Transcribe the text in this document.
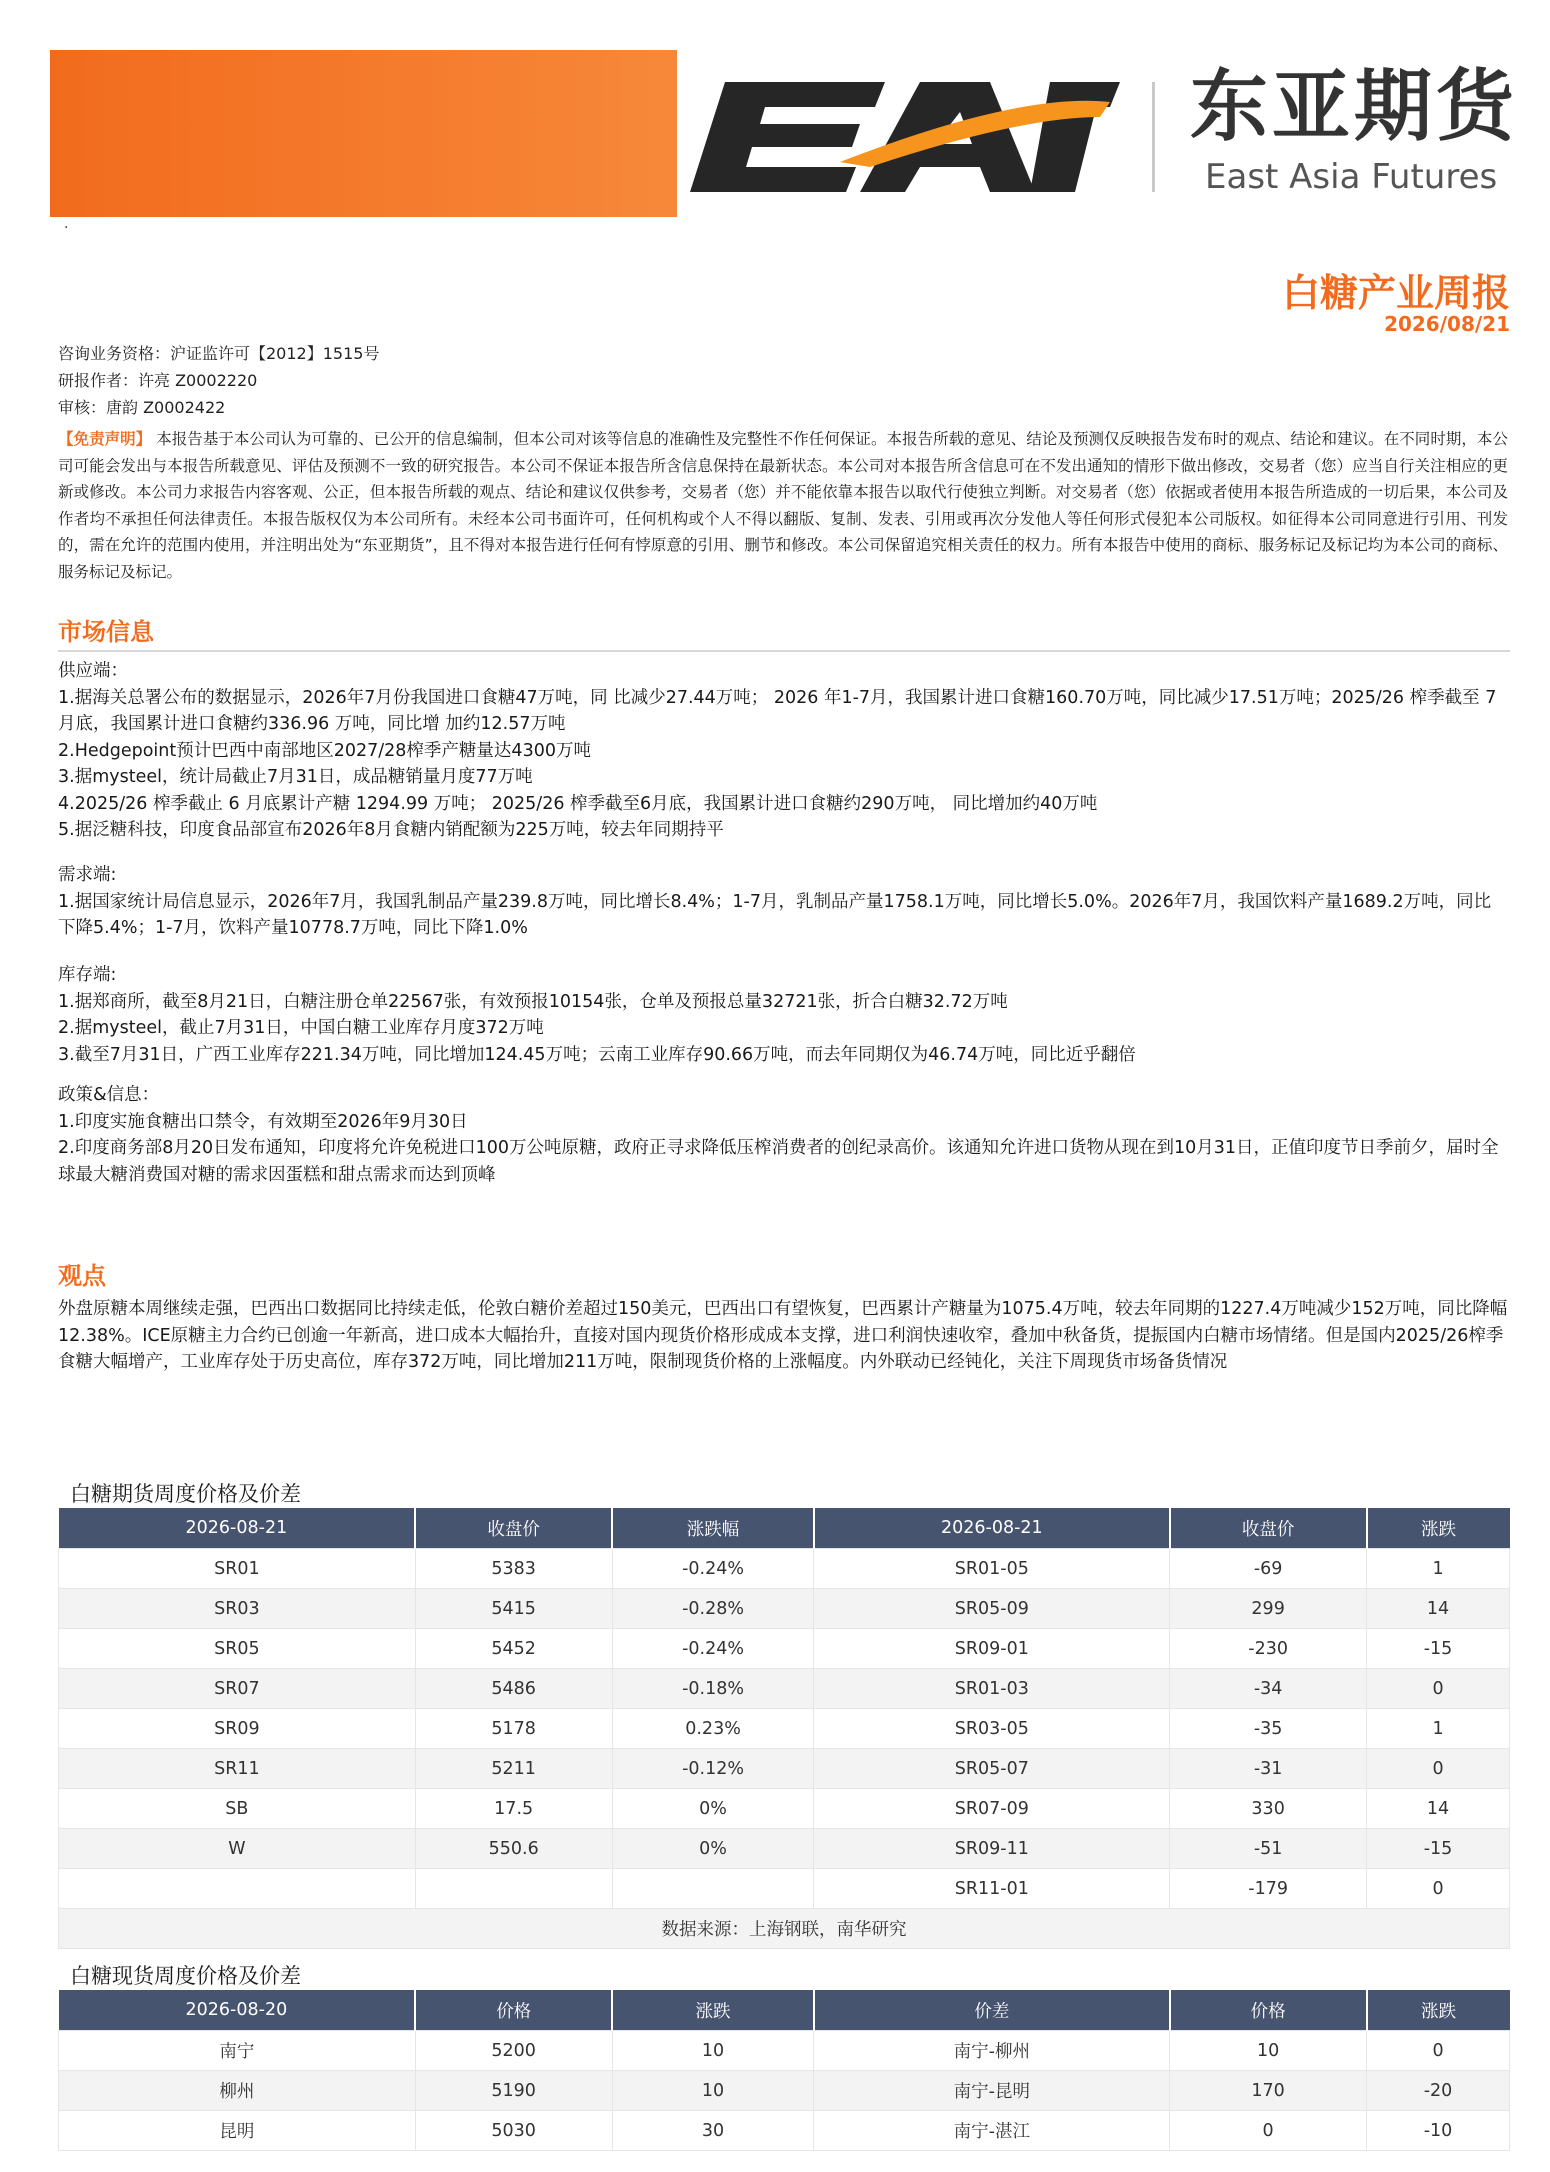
·
东亚期货
East Asia Futures
白糖产业周报
2026/08/21
咨询业务资格：沪证监许可【2012】1515号
研报作者：许亮 Z0002220
审核：唐韵 Z0002422
【免责声明】 本报告基于本公司认为可靠的、已公开的信息编制，但本公司对该等信息的准确性及完整性不作任何保证。本报告所载的意见、结论及预测仅反映报告发布时的观点、结论和建议。在不同时期，本公司可能会发出与本报告所载意见、评估及预测不一致的研究报告。本公司不保证本报告所含信息保持在最新状态。本公司对本报告所含信息可在不发出通知的情形下做出修改，交易者（您）应当自行关注相应的更新或修改。本公司力求报告内容客观、公正，但本报告所载的观点、结论和建议仅供参考，交易者（您）并不能依靠本报告以取代行使独立判断。对交易者（您）依据或者使用本报告所造成的一切后果，本公司及作者均不承担任何法律责任。本报告版权仅为本公司所有。未经本公司书面许可，任何机构或个人不得以翻版、复制、发表、引用或再次分发他人等任何形式侵犯本公司版权。如征得本公司同意进行引用、刊发的，需在允许的范围内使用，并注明出处为“东亚期货”，且不得对本报告进行任何有悖原意的引用、删节和修改。本公司保留追究相关责任的权力。所有本报告中使用的商标、服务标记及标记均为本公司的商标、服务标记及标记。
市场信息

供应端：

1.据海关总署公布的数据显示，2026年7月份我国进口食糖47万吨，同 比减少27.44万吨； 2026 年1-7月，我国累计进口食糖160.70万吨，同比减少17.51万吨；2025/26 榨季截至 7 月底，我国累计进口食糖约336.96 万吨，同比增 加约12.57万吨

2.Hedgepoint预计巴西中南部地区2027/28榨季产糖量达4300万吨

3.据mysteel，统计局截止7月31日，成品糖销量月度77万吨

4.2025/26 榨季截止 6 月底累计产糖 1294.99 万吨； 2025/26 榨季截至6月底，我国累计进口食糖约290万吨， 同比增加约40万吨

5.据泛糖科技，印度食品部宣布2026年8月食糖内销配额为225万吨，较去年同期持平

需求端:

1.据国家统计局信息显示，2026年7月，我国乳制品产量239.8万吨，同比增长8.4%；1-7月，乳制品产量1758.1万吨，同比增长5.0%。2026年7月，我国饮料产量1689.2万吨，同比下降5.4%；1-7月，饮料产量10778.7万吨，同比下降1.0%

库存端:

1.据郑商所，截至8月21日，白糖注册仓单22567张，有效预报10154张，仓单及预报总量32721张，折合白糖32.72万吨

2.据mysteel，截止7月31日，中国白糖工业库存月度372万吨

3.截至7月31日，广西工业库存221.34万吨，同比增加124.45万吨；云南工业库存90.66万吨，而去年同期仅为46.74万吨，同比近乎翻倍

政策&信息：

1.印度实施食糖出口禁令，有效期至2026年9月30日

2.印度商务部8月20日发布通知，印度将允许免税进口100万公吨原糖，政府正寻求降低压榨消费者的创纪录高价。该通知允许进口货物从现在到10月31日，正值印度节日季前夕，届时全球最大糖消费国对糖的需求因蛋糕和甜点需求而达到顶峰

观点
外盘原糖本周继续走强，巴西出口数据同比持续走低，伦敦白糖价差超过150美元，巴西出口有望恢复，巴西累计产糖量为1075.4万吨，较去年同期的1227.4万吨减少152万吨，同比降幅12.38%。ICE原糖主力合约已创逾一年新高，进口成本大幅抬升，直接对国内现货价格形成成本支撑，进口利润快速收窄，叠加中秋备货，提振国内白糖市场情绪。但是国内2025/26榨季食糖大幅增产，工业库存处于历史高位，库存372万吨，同比增加211万吨，限制现货价格的上涨幅度。内外联动已经钝化，关注下周现货市场备货情况
白糖期货周度价格及价差
2026-08-21	收盘价	涨跌幅	2026-08-21	收盘价	涨跌
SR01	5383	-0.24%	SR01-05	-69	1
SR03	5415	-0.28%	SR05-09	299	14
SR05	5452	-0.24%	SR09-01	-230	-15
SR07	5486	-0.18%	SR01-03	-34	0
SR09	5178	0.23%	SR03-05	-35	1
SR11	5211	-0.12%	SR05-07	-31	0
SB	17.5	0%	SR07-09	330	14
W	550.6	0%	SR09-11	-51	-15
			SR11-01	-179	0
数据来源：上海钢联，南华研究					
白糖现货周度价格及价差
2026-08-20	价格	涨跌	价差	价格	涨跌
南宁	5200	10	南宁-柳州	10	0
柳州	5190	10	南宁-昆明	170	-20
昆明	5030	30	南宁-湛江	0	-10
